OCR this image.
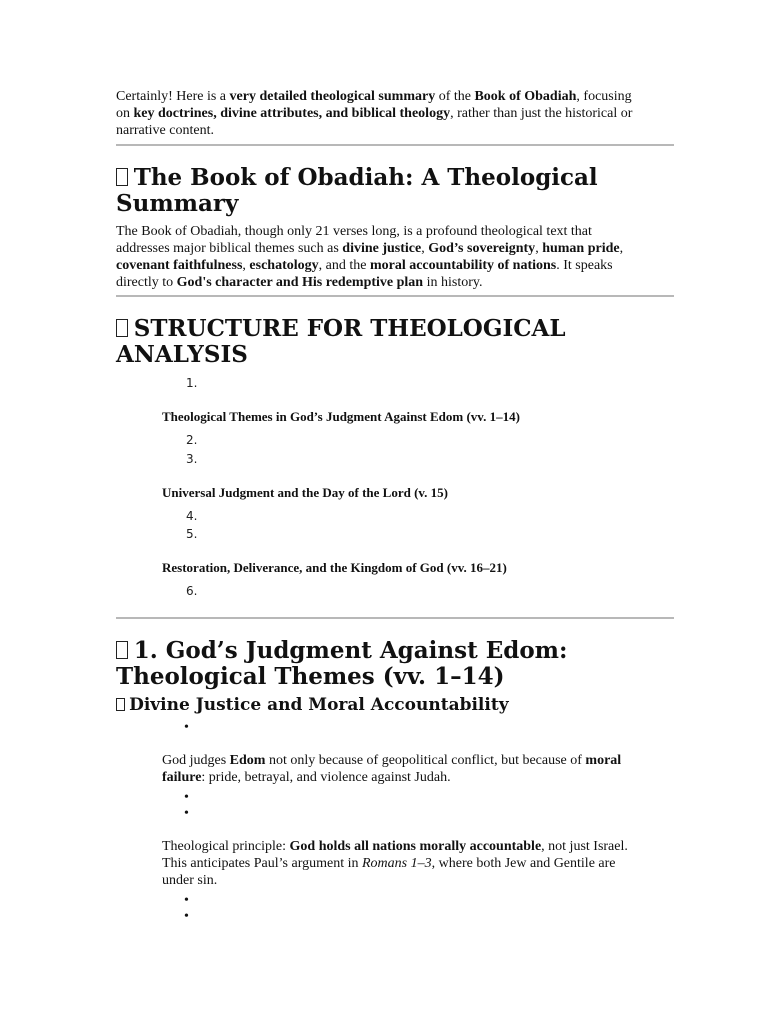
Certainly! Here is a very detailed theological summary of the Book of Obadiah, focusing on key doctrines, divine attributes, and biblical theology, rather than just the historical or narrative content.

The Book of Obadiah: A Theological Summary

The Book of Obadiah, though only 21 verses long, is a profound theological text that addresses major biblical themes such as divine justice, God’s sovereignty, human pride, covenant faithfulness, eschatology, and the moral accountability of nations. It speaks directly to God's character and His redemptive plan in history.

STRUCTURE FOR THEOLOGICAL ANALYSIS
1.
Theological Themes in God’s Judgment Against Edom (vv. 1–14)
2.
3.
Universal Judgment and the Day of the Lord (v. 15)
4.
5.
Restoration, Deliverance, and the Kingdom of God (vv. 16–21)
6.
1. God’s Judgment Against Edom: Theological Themes (vv. 1–14)
Divine Justice and Moral Accountability
•

God judges Edom not only because of geopolitical conflict, but because of moral failure: pride, betrayal, and violence against Judah.

•
•

Theological principle: God holds all nations morally accountable, not just Israel. This anticipates Paul’s argument in Romans 1–3, where both Jew and Gentile are under sin.

•
•
